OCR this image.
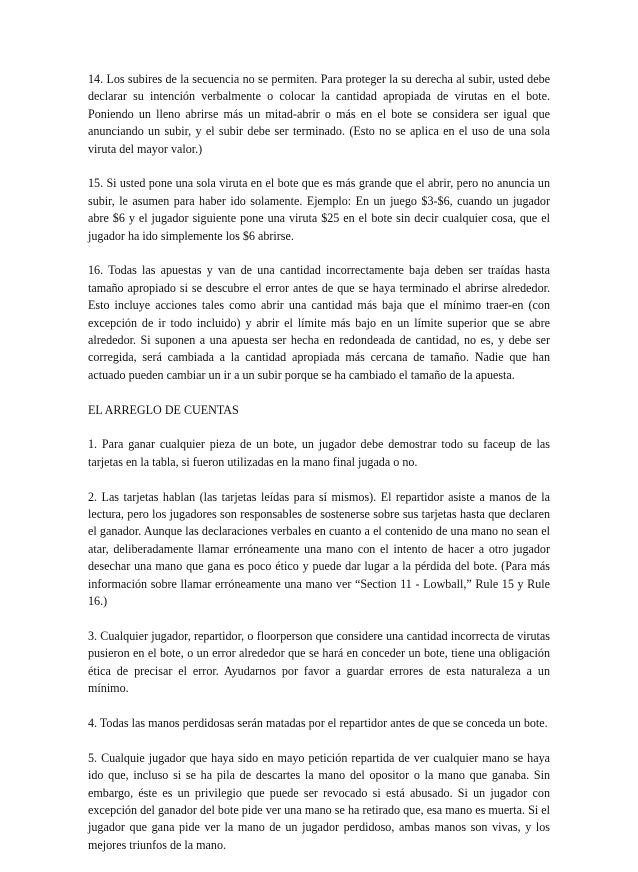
14. Los subires de la secuencia no se permiten. Para proteger la su derecha al subir, usted debe declarar su intención verbalmente o colocar la cantidad apropiada de virutas en el bote. Poniendo un lleno abrirse más un mitad-abrir o más en el bote se considera ser igual que anunciando un subir, y el subir debe ser terminado. (Esto no se aplica en el uso de una sola viruta del mayor valor.)

15. Si usted pone una sola viruta en el bote que es más grande que el abrir, pero no anuncia un subir, le asumen para haber ido solamente. Ejemplo: En un juego $3-$6, cuando un jugador abre $6 y el jugador siguiente pone una viruta $25 en el bote sin decir cualquier cosa, que el jugador ha ido simplemente los $6 abrirse.

16. Todas las apuestas y van de una cantidad incorrectamente baja deben ser traídas hasta tamaño apropiado si se descubre el error antes de que se haya terminado el abrirse alrededor. Esto incluye acciones tales como abrir una cantidad más baja que el mínimo traer-en (con excepción de ir todo incluido) y abrir el límite más bajo en un límite superior que se abre alrededor. Si suponen a una apuesta ser hecha en redondeada de cantidad, no es, y debe ser corregida, será cambiada a la cantidad apropiada más cercana de tamaño. Nadie que han actuado pueden cambiar un ir a un subir porque se ha cambiado el tamaño de la apuesta.

EL ARREGLO DE CUENTAS

1. Para ganar cualquier pieza de un bote, un jugador debe demostrar todo su faceup de las tarjetas en la tabla, si fueron utilizadas en la mano final jugada o no.

2. Las tarjetas hablan (las tarjetas leídas para sí mismos). El repartidor asiste a manos de la lectura, pero los jugadores son responsables de sostenerse sobre sus tarjetas hasta que declaren el ganador. Aunque las declaraciones verbales en cuanto a el contenido de una mano no sean el atar, deliberadamente llamar erróneamente una mano con el intento de hacer a otro jugador desechar una mano que gana es poco ético y puede dar lugar a la pérdida del bote. (Para más información sobre llamar erróneamente una mano ver “Section 11 - Lowball,” Rule 15 y Rule 16.)

3. Cualquier jugador, repartidor, o floorperson que considere una cantidad incorrecta de virutas pusieron en el bote, o un error alrededor que se hará en conceder un bote, tiene una obligación ética de precisar el error. Ayudarnos por favor a guardar errores de esta naturaleza a un mínimo.

4. Todas las manos perdidosas serán matadas por el repartidor antes de que se conceda un bote.

5. Cualquie jugador que haya sido en mayo petición repartida de ver cualquier mano se haya ido que, incluso si se ha pila de descartes la mano del opositor o la mano que ganaba. Sin embargo, éste es un privilegio que puede ser revocado si está abusado. Si un jugador con excepción del ganador del bote pide ver una mano se ha retirado que, esa mano es muerta. Si el jugador que gana pide ver la mano de un jugador perdidoso, ambas manos son vivas, y los mejores triunfos de la mano.
